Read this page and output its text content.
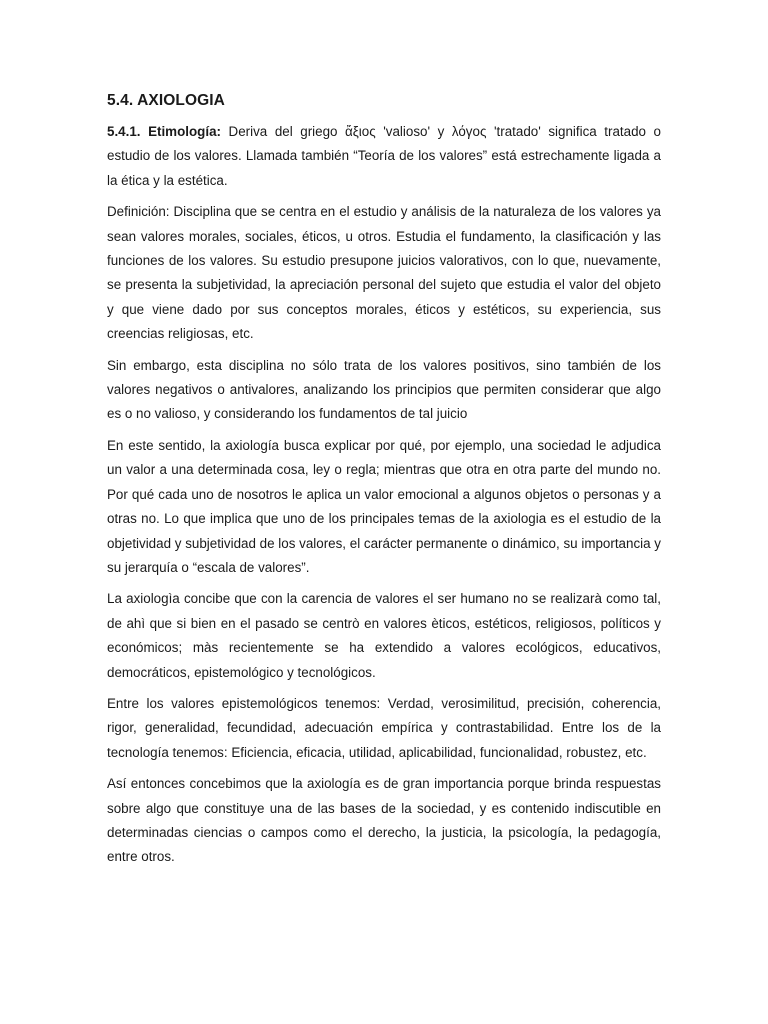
5.4. AXIOLOGIA

5.4.1. Etimología: Deriva del griego ἄξιος 'valioso' y λόγος 'tratado' significa tratado o estudio de los valores. Llamada también “Teoría de los valores” está estrechamente ligada a la ética y la estética.

Definición: Disciplina que se centra en el estudio y análisis de la naturaleza de los valores ya sean valores morales, sociales, éticos, u otros. Estudia el fundamento, la clasificación y las funciones de los valores. Su estudio presupone juicios valorativos, con lo que, nuevamente, se presenta la subjetividad, la apreciación personal del sujeto que estudia el valor del objeto y que viene dado por sus conceptos morales, éticos y estéticos, su experiencia, sus creencias religiosas, etc.

Sin embargo, esta disciplina no sólo trata de los valores positivos, sino también de los valores negativos o antivalores, analizando los principios que permiten considerar que algo es o no valioso, y considerando los fundamentos de tal juicio

En este sentido, la axiología busca explicar por qué, por ejemplo, una sociedad le adjudica un valor a una determinada cosa, ley o regla; mientras que otra en otra parte del mundo no. Por qué cada uno de nosotros le aplica un valor emocional a algunos objetos o personas y a otras no. Lo que implica que uno de los principales temas de la axiologia es el estudio de la objetividad y subjetividad de los valores, el carácter permanente o dinámico, su importancia y su jerarquía o “escala de valores”.

La axiologìa concibe que con la carencia de valores el ser humano no se realizarà como tal, de ahì que si bien en el pasado se centrò en valores èticos, estéticos, religiosos, políticos y económicos; màs recientemente se ha extendido a valores ecológicos, educativos, democráticos, epistemológico y tecnológicos.

Entre los valores epistemológicos tenemos: Verdad, verosimilitud, precisión, coherencia, rigor, generalidad, fecundidad, adecuación empírica y contrastabilidad. Entre los de la tecnología tenemos: Eficiencia, eficacia, utilidad, aplicabilidad, funcionalidad, robustez, etc.

Así entonces concebimos que la axiología es de gran importancia porque brinda respuestas sobre algo que constituye una de las bases de la sociedad, y es contenido indiscutible en determinadas ciencias o campos como el derecho, la justicia, la psicología, la pedagogía, entre otros.
